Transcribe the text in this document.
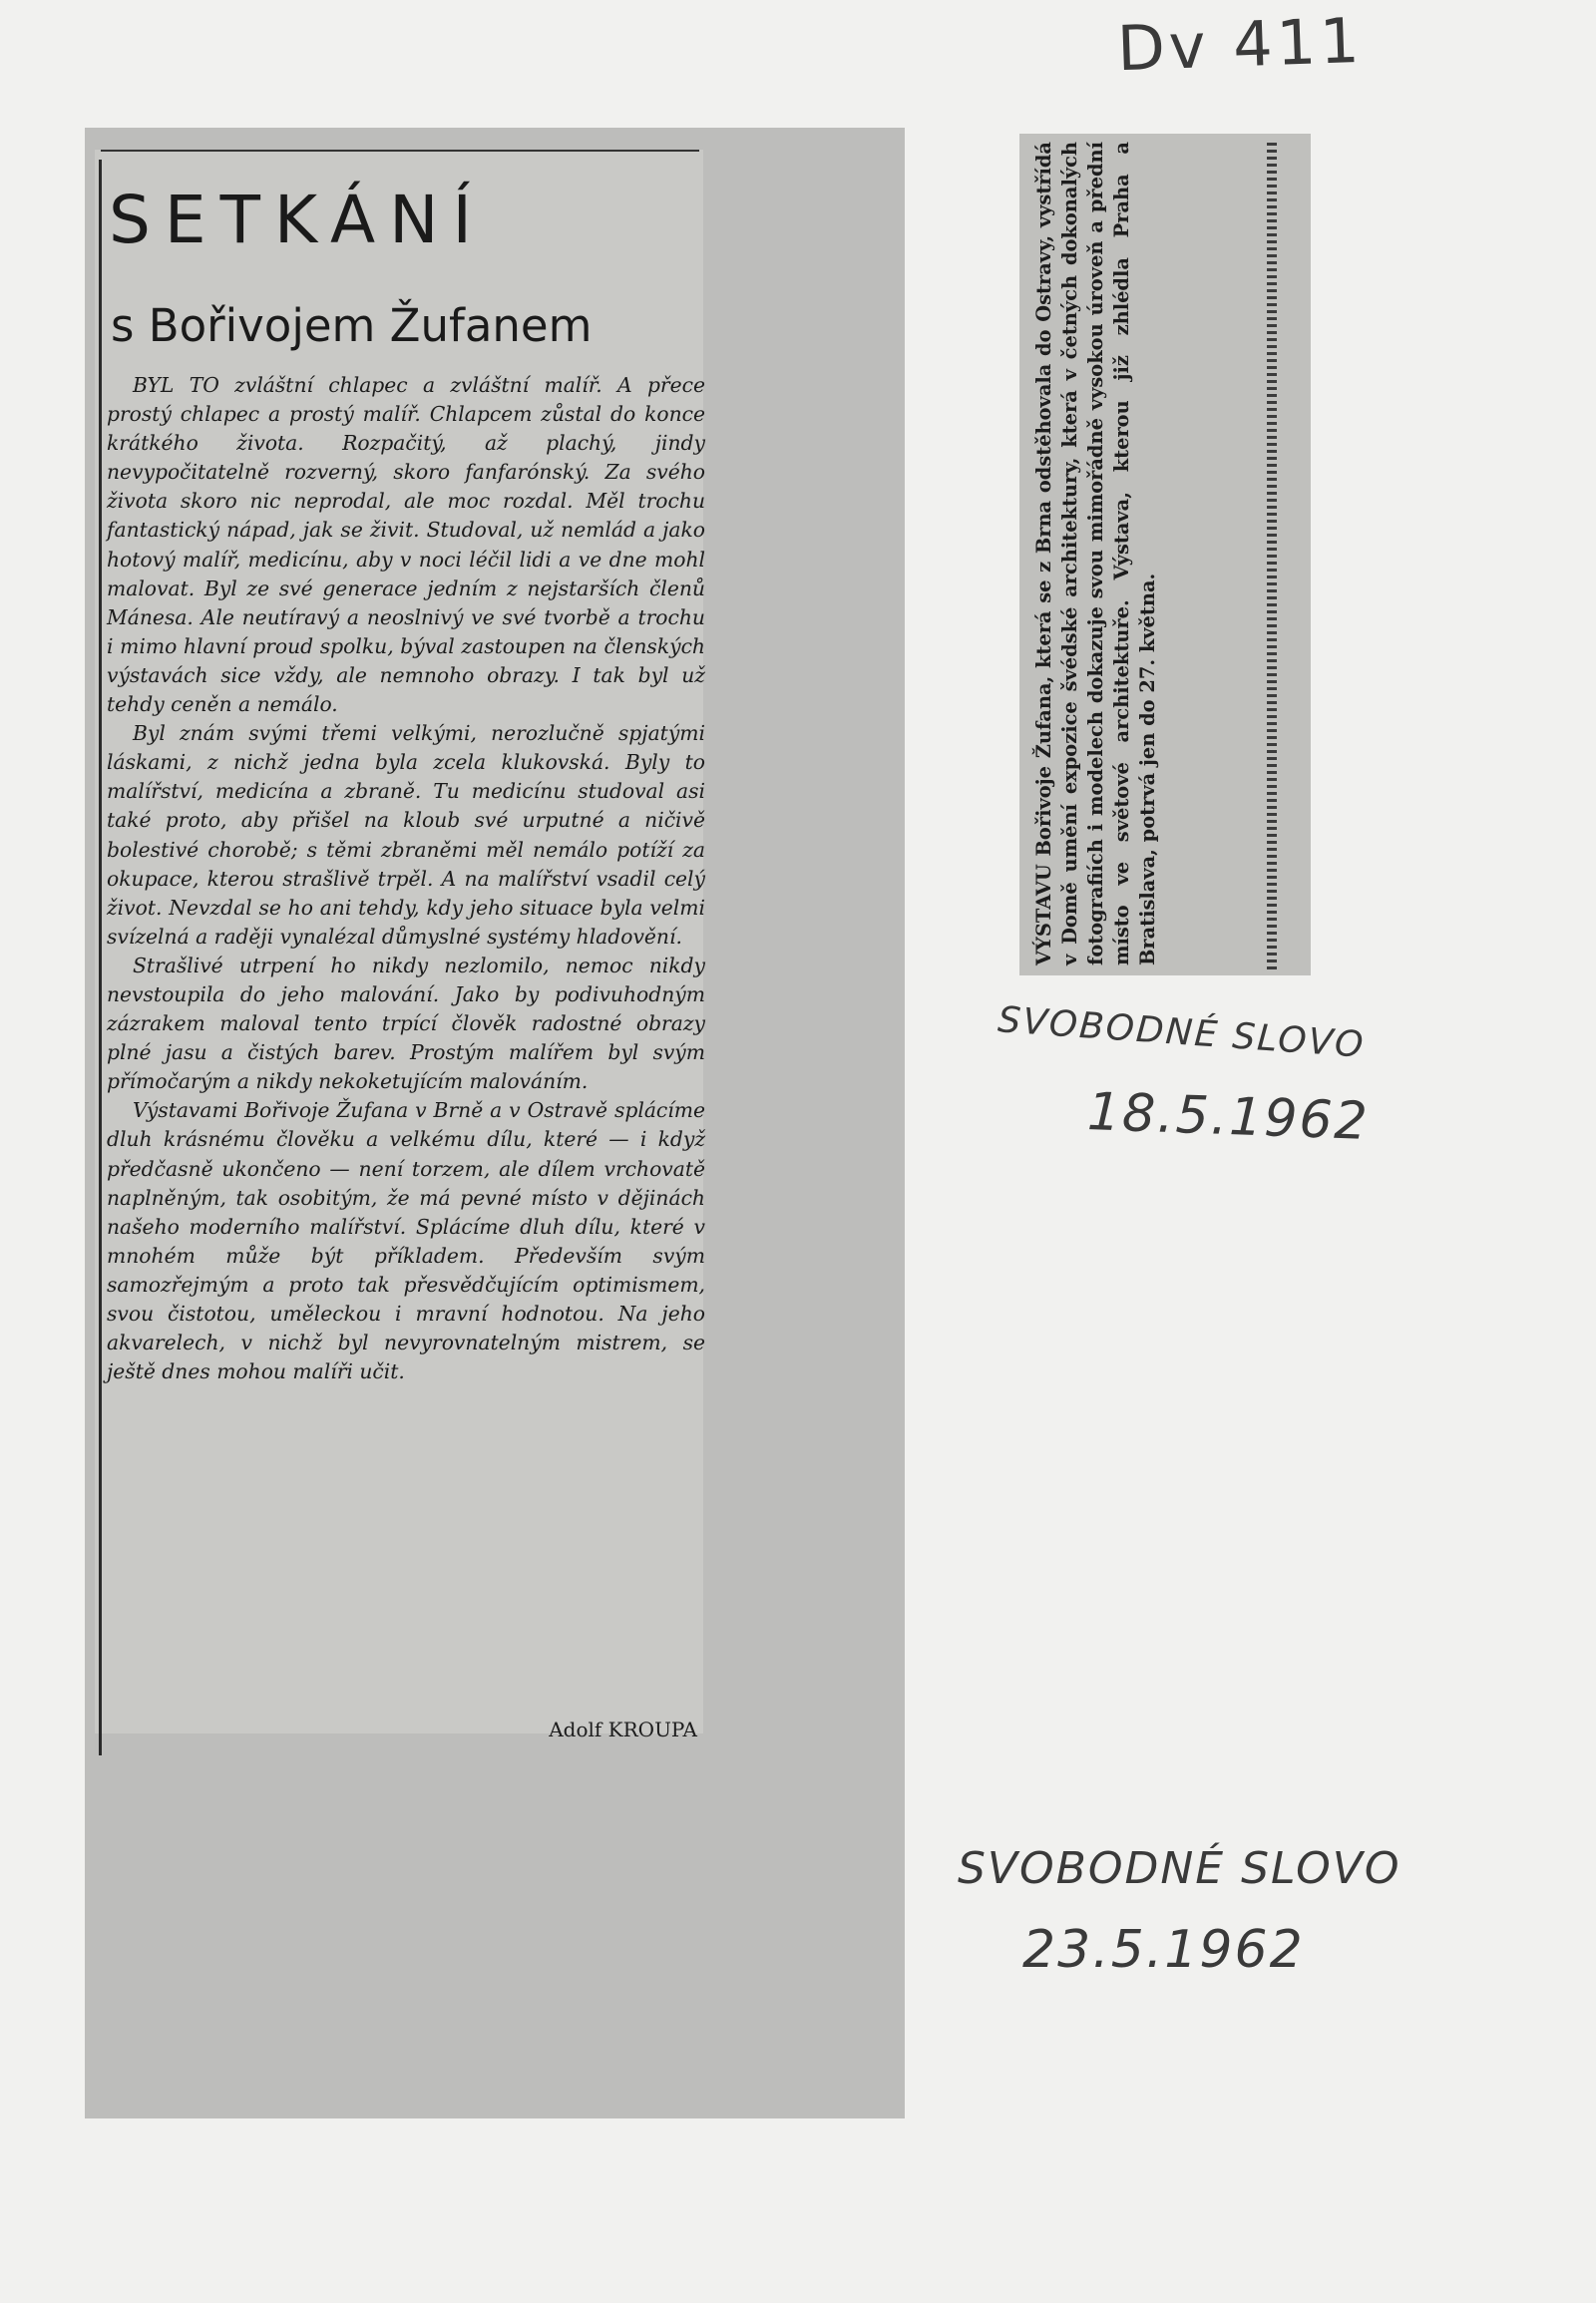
Dv 411
SVOBODNÉ SLOVO
18.5.1962
SVOBODNÉ SLOVO
23.5.1962
SETKÁNÍ
s Bořivojem Žufanem

BYL TO zvláštní chlapec a zvláštní malíř. A přece prostý chlapec a prostý malíř. Chlapcem zůstal do konce krátkého života. Rozpačitý, až plachý, jindy nevypočitatelně rozverný, skoro fanfarónský. Za svého života skoro nic neprodal, ale moc rozdal. Měl trochu fantastický nápad, jak se živit. Studoval, už nemlád a jako hotový malíř, medicínu, aby v noci léčil lidi a ve dne mohl malovat. Byl ze své generace jedním z nejstarších členů Mánesa. Ale neutíravý a neoslnivý ve své tvorbě a trochu i mimo hlavní proud spolku, býval zastoupen na členských výstavách sice vždy, ale nemnoho obrazy. I tak byl už tehdy ceněn a nemálo.

Byl znám svými třemi velkými, nerozlučně spjatými láskami, z nichž jedna byla zcela klukovská. Byly to malířství, medicína a zbraně. Tu medicínu studoval asi také proto, aby přišel na kloub své urputné a ničivě bolestivé chorobě; s těmi zbraněmi měl nemálo potíží za okupace, kterou strašlivě trpěl. A na malířství vsadil celý život. Nevzdal se ho ani tehdy, kdy jeho situace byla velmi svízelná a raději vynalézal důmyslné systémy hladovění.

Strašlivé utrpení ho nikdy nezlomilo, nemoc nikdy nevstoupila do jeho malování. Jako by podivuhodným zázrakem maloval tento trpící člověk radostné obrazy plné jasu a čistých barev. Prostým malířem byl svým přímočarým a nikdy nekoketujícím malováním.

Výstavami Bořivoje Žufana v Brně a v Ostravě splácíme dluh krásnému člověku a velkému dílu, které — i když předčasně ukončeno — není torzem, ale dílem vrchovatě naplněným, tak osobitým, že má pevné místo v dějinách našeho moderního malířství. Splácíme dluh dílu, které v mnohém může být příkladem. Především svým samozřejmým a proto tak přesvědčujícím optimismem, svou čistotou, uměleckou i mravní hodnotou. Na jeho akvarelech, v nichž byl nevyrovnatelným mistrem, se ještě dnes mohou malíři učit.

Adolf KROUPA

VÝSTAVU Bořivoje Žufana, která se z Brna odstěhovala do Ostravy, vystřídá v Domě umění expozice švédské architektury, která v četných dokonalých fotografiích i modelech dokazuje svou mimořádně vysokou úroveň a přední místo ve světové architektuře. Výstava, kterou již zhlédla Praha a Bratislava, potrvá jen do 27. května.
